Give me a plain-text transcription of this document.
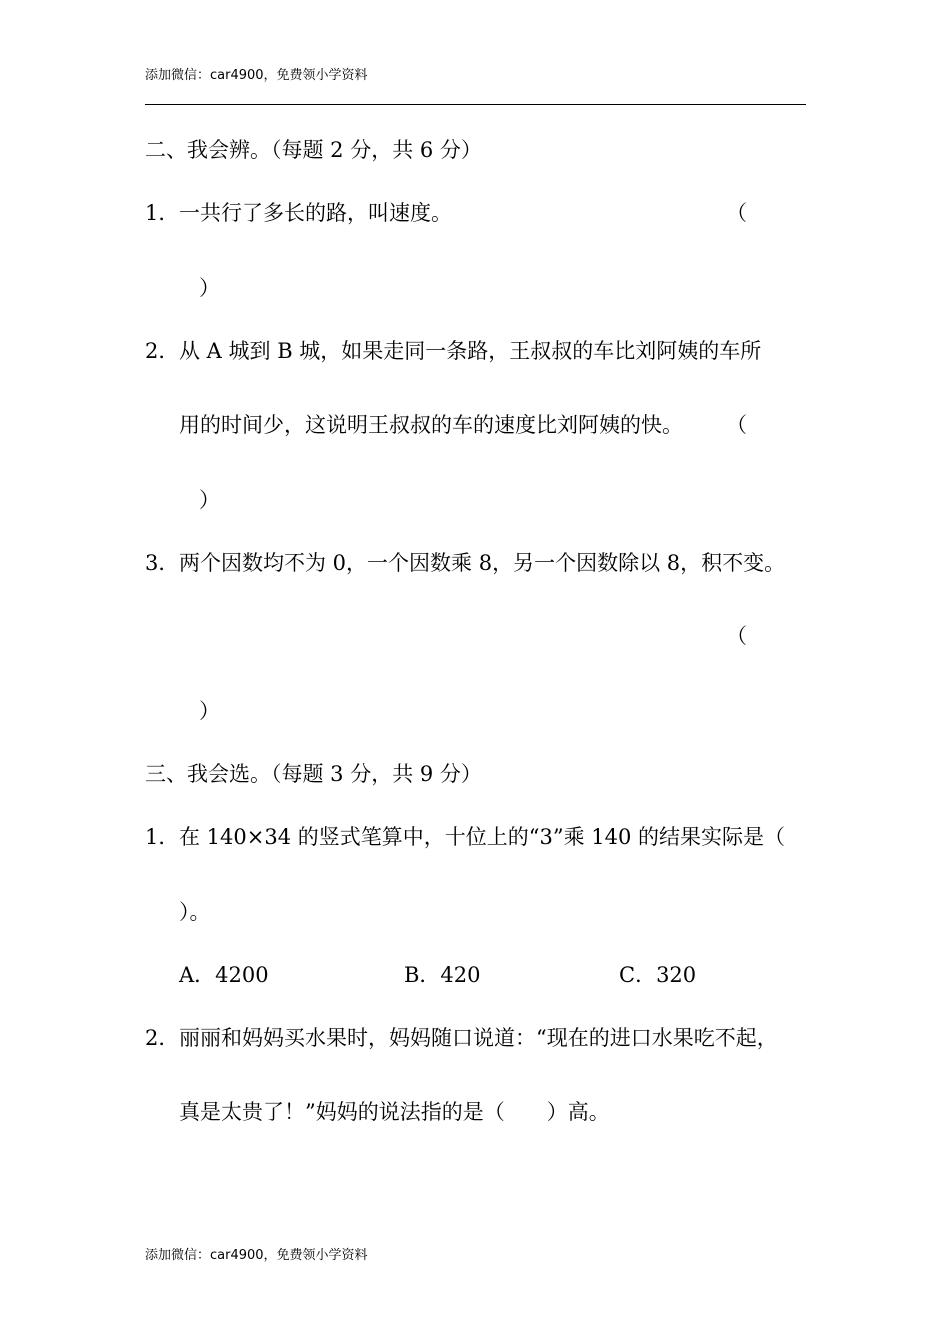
添加微信：car4900，免费领小学资料
二、我会辨。（每题 2 分，共 6 分）
1． 一共行了多长的路，叫速度。	（
）
2． 从 A 城到 B 城，如果走同一条路，王叔叔的车比刘阿姨的车所
用的时间少，这说明王叔叔的车的速度比刘阿姨的快。 （
）
3． 两个因数均不为 0，一个因数乘 8，另一个因数除以 8，积不变。
（
）
三、我会选。（每题 3 分，共 9 分）
1． 在 140×34 的竖式笔算中，十位上的“3”乘 140 的结果实际是（
）。
A．4200	B．420	C．320
2． 丽丽和妈妈买水果时，妈妈随口说道：“现在的进口水果吃不起，
真是太贵了！”妈妈的说法指的是（　　）高。
添加微信：car4900，免费领小学资料
